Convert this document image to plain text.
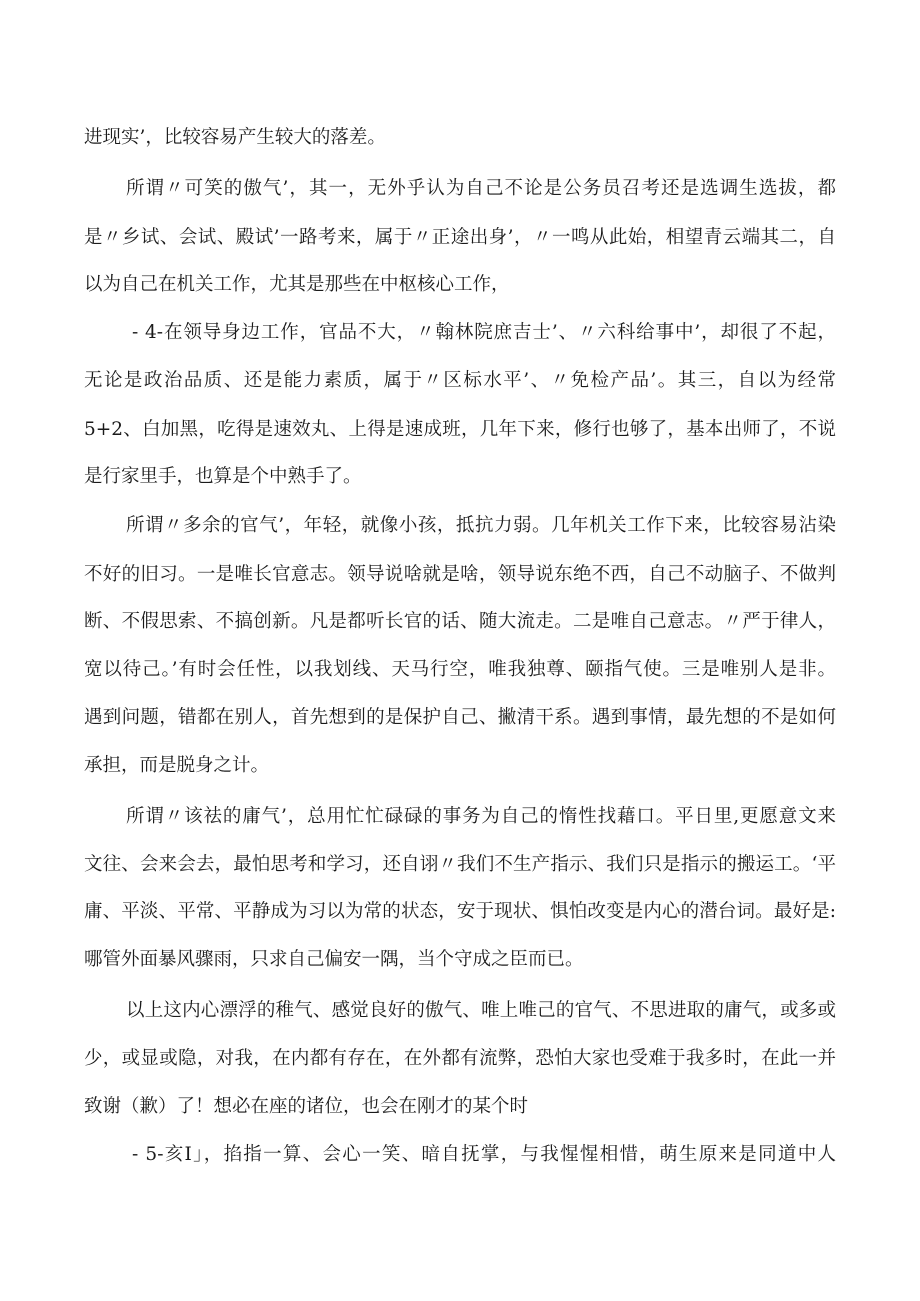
进现实’，比较容易产生较大的落差。
所谓〃可笑的傲气’，其一，无外乎认为自己不论是公务员召考还是选调生选拔，都
是〃乡试、会试、殿试’一路考来，属于〃正途出身’，〃一鸣从此始，相望青云端其二，自
以为自己在机关工作，尤其是那些在中枢核心工作，
- 4-在领导身边工作，官品不大，〃翰林院庶吉士’、〃六科给事中’，却很了不起，
无论是政治品质、还是能力素质，属于〃区标水平’、〃免检产品’。其三，自以为经常
5+2、白加黑，吃得是速效丸、上得是速成班，几年下来，修行也够了，基本出师了，不说
是行家里手，也算是个中熟手了。
所谓〃多余的官气’，年轻，就像小孩，抵抗力弱。几年机关工作下来，比较容易沾染
不好的旧习。一是唯长官意志。领导说啥就是啥，领导说东绝不西，自己不动脑子、不做判
断、不假思索、不搞创新。凡是都听长官的话、随大流走。二是唯自己意志。〃严于律人，
宽以待己。’有时会任性，以我划线、天马行空，唯我独尊、颐指气使。三是唯别人是非。
遇到问题，错都在别人，首先想到的是保护自己、撇清干系。遇到事情，最先想的不是如何
承担，而是脱身之计。
所谓〃该祛的庸气’，总用忙忙碌碌的事务为自己的惰性找藉口。平日里,更愿意文来
文往、会来会去，最怕思考和学习，还自诩〃我们不生产指示、我们只是指示的搬运工。‘平
庸、平淡、平常、平静成为习以为常的状态，安于现状、惧怕改变是内心的潜台词。最好是:
哪管外面暴风骤雨，只求自己偏安一隅，当个守成之臣而已。
以上这内心漂浮的稚气、感觉良好的傲气、唯上唯己的官气、不思进取的庸气，或多或
少，或显或隐，对我，在内都有存在，在外都有流弊，恐怕大家也受难于我多时，在此一并
致谢（歉）了！想必在座的诸位，也会在刚才的某个时
- 5-亥I」，掐指一算、会心一笑、暗自抚掌，与我惺惺相惜，萌生原来是同道中人
